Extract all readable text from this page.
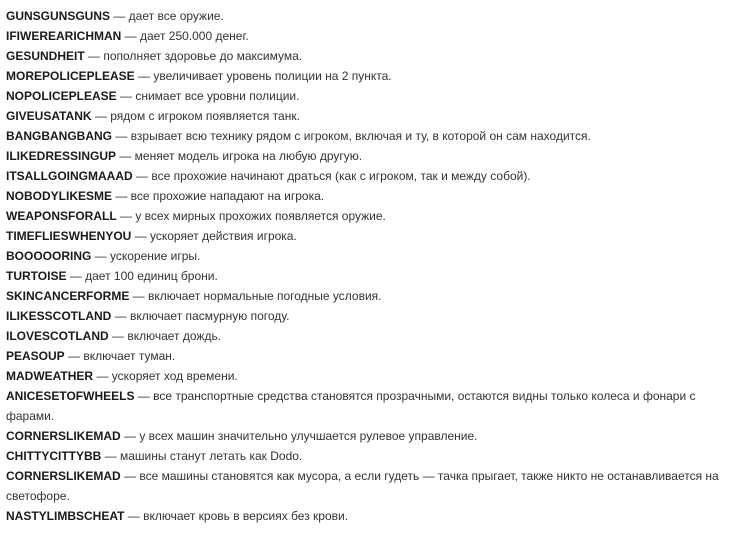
GUNSGUNSGUNS — дает все оружие.
IFIWEREARICHMAN — дает 250.000 денег.
GESUNDHEIT — пополняет здоровье до максимума.
MOREPOLICEPLEASE — увеличивает уровень полиции на 2 пункта.
NOPOLICEPLEASE — снимает все уровни полиции.
GIVEUSATANK — рядом с игроком появляется танк.
BANGBANGBANG — взрывает всю технику рядом с игроком, включая и ту, в которой он сам находится.
ILIKEDRESSINGUP — меняет модель игрока на любую другую.
ITSALLGOINGMAAAD — все прохожие начинают драться (как с игроком, так и между собой).
NOBODYLIKESME — все прохожие нападают на игрока.
WEAPONSFORALL — у всех мирных прохожих появляется оружие.
TIMEFLIESWHENYOU — ускоряет действия игрока.
BOOOOORING — ускорение игры.
TURTOISE — дает 100 единиц брони.
SKINCANCERFORME — включает нормальные погодные условия.
ILIKESSCOTLAND — включает пасмурную погоду.
ILOVESCOTLAND — включает дождь.
PEASOUP — включает туман.
MADWEATHER — ускоряет ход времени.
ANICESETOFWHEELS — все транспортные средства становятся прозрачными, остаются видны только колеса и фонари с фарами.
CORNERSLIKEMAD — у всех машин значительно улучшается рулевое управление.
CHITTYCITTYBB — машины станут летать как Dodo.
CORNERSLIKEMAD — все машины становятся как мусора, а если гудеть — тачка прыгает, также никто не останавливается на светофоре.
NASTYLIMBSCHEAT — включает кровь в версиях без крови.
